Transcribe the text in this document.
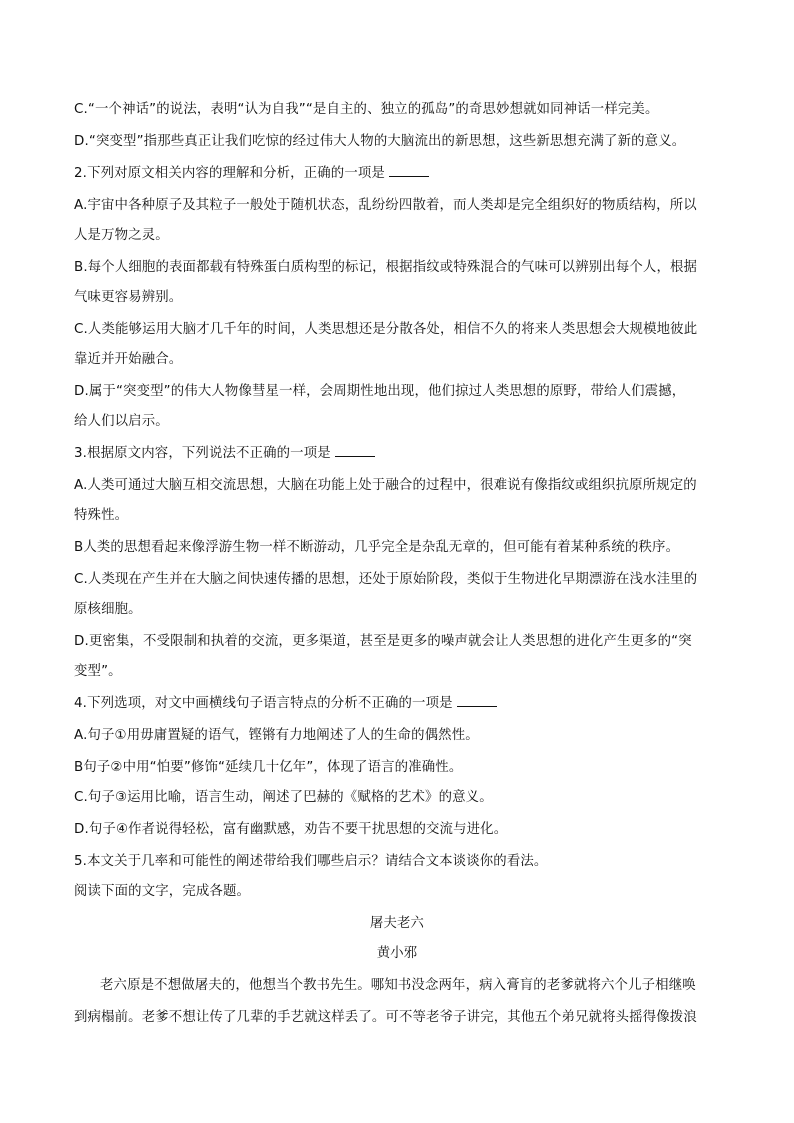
C.“一个神话”的说法，表明“认为自我”“是自主的、独立的孤岛”的奇思妙想就如同神话一样完美。
D.“突变型”指那些真正让我们吃惊的经过伟大人物的大脑流出的新思想，这些新思想充满了新的意义。
2.下列对原文相关内容的理解和分析，正确的一项是
A.宇宙中各种原子及其粒子一般处于随机状态，乱纷纷四散着，而人类却是完全组织好的物质结构，所以
人是万物之灵。
B.每个人细胞的表面都载有特殊蛋白质构型的标记，根据指纹或特殊混合的气味可以辨别出每个人，根据
气味更容易辨别。
C.人类能够运用大脑才几千年的时间，人类思想还是分散各处，相信不久的将来人类思想会大规模地彼此
靠近并开始融合。
D.属于“突变型”的伟大人物像彗星一样，会周期性地出现，他们掠过人类思想的原野，带给人们震撼，
给人们以启示。
3.根据原文内容，下列说法不正确的一项是
A.人类可通过大脑互相交流思想，大脑在功能上处于融合的过程中，很难说有像指纹或组织抗原所规定的
特殊性。
B人类的思想看起来像浮游生物一样不断游动，几乎完全是杂乱无章的，但可能有着某种系统的秩序。
C.人类现在产生并在大脑之间快速传播的思想，还处于原始阶段，类似于生物进化早期漂游在浅水洼里的
原核细胞。
D.更密集，不受限制和执着的交流，更多渠道，甚至是更多的噪声就会让人类思想的进化产生更多的“突
变型”。
4.下列选项，对文中画横线句子语言特点的分析不正确的一项是
A.句子①用毋庸置疑的语气，铿锵有力地阐述了人的生命的偶然性。
B句子②中用“怕要”修饰“延续几十亿年”，体现了语言的准确性。
C.句子③运用比喻，语言生动，阐述了巴赫的《赋格的艺术》的意义。
D.句子④作者说得轻松，富有幽默感，劝告不要干扰思想的交流与进化。
5.本文关于几率和可能性的阐述带给我们哪些启示？请结合文本谈谈你的看法。
阅读下面的文字，完成各题。
屠夫老六
黄小邪
老六原是不想做屠夫的，他想当个教书先生。哪知书没念两年，病入膏肓的老爹就将六个儿子相继唤
到病榻前。老爹不想让传了几辈的手艺就这样丢了。可不等老爷子讲完，其他五个弟兄就将头摇得像拨浪
